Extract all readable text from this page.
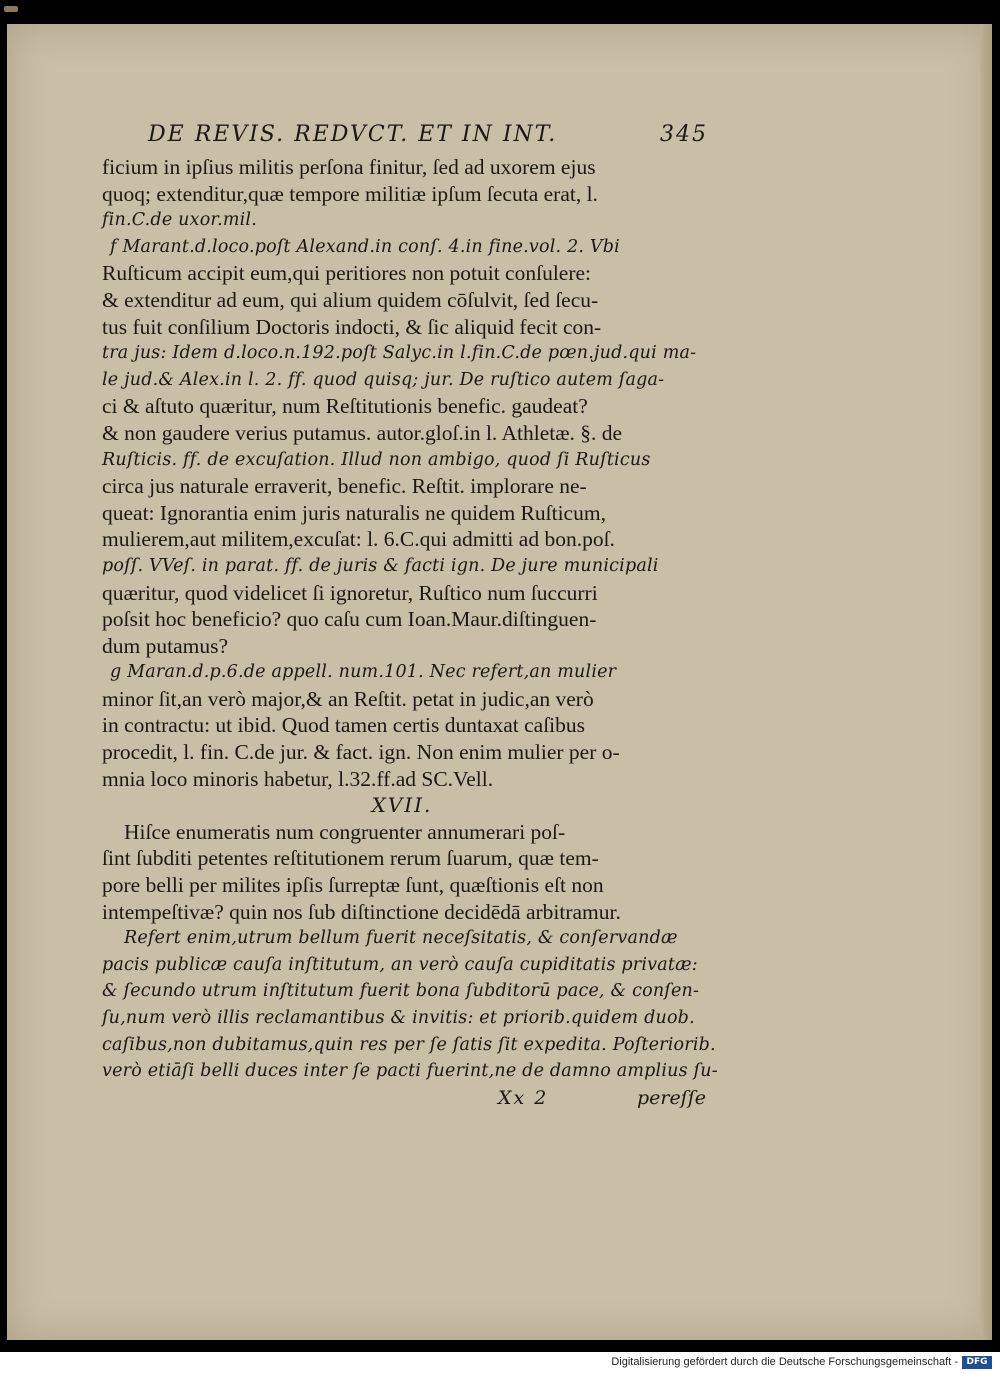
DE REVIS. REDVCT. ET IN INT.	345
ficium in ipſius militis perſona finitur, ſed ad uxorem ejus
quoq; extenditur,quæ tempore militiæ ipſum ſecuta erat, l.
fin.C.de uxor.mil.
f Marant.d.loco.poſt Alexand.in conſ. 4.in fine.vol. 2. Vbi
Ruſticum accipit eum,qui peritiores non potuit conſulere:
& extenditur ad eum, qui alium quidem cōſulvit, ſed ſecu-
tus fuit conſilium Doctoris indocti, & ſic aliquid fecit con-
tra jus: Idem d.loco.n.192.poſt Salyc.in l.fin.C.de pœn.jud.qui ma-
le jud.& Alex.in l. 2. ff. quod quisq; jur. De ruſtico autem ſaga-
ci & aſtuto quæritur, num Reſtitutionis benefic. gaudeat?
& non gaudere verius putamus. autor.gloſ.in l. Athletæ. §. de
Ruſticis. ff. de excuſation. Illud non ambigo, quod ſi Ruſticus
circa jus naturale erraverit, benefic. Reſtit. implorare ne-
queat: Ignorantia enim juris naturalis ne quidem Ruſticum,
mulierem,aut militem,excuſat: l. 6.C.qui admitti ad bon.poſ.
poſſ. VVeſ. in parat. ff. de juris & facti ign. De jure municipali
quæritur, quod videlicet ſi ignoretur, Ruſtico num ſuccurri
poſsit hoc beneficio? quo caſu cum Ioan.Maur.diſtinguen-
dum putamus?
g Maran.d.p.6.de appell. num.101. Nec refert,an mulier
minor ſit,an verò major,& an Reſtit. petat in judic,an verò
in contractu: ut ibid. Quod tamen certis duntaxat caſibus
procedit, l. fin. C.de jur. & fact. ign. Non enim mulier per o-
mnia loco minoris habetur, l.32.ff.ad SC.Vell.
XVII.
Hiſce enumeratis num congruenter annumerari poſ-
ſint ſubditi petentes reſtitutionem rerum ſuarum, quæ tem-
pore belli per milites ipſis ſurreptæ ſunt, quæſtionis eſt non
intempeſtivæ? quin nos ſub diſtinctione decidēdā arbitramur.
Refert enim,utrum bellum fuerit neceſsitatis, & conſervandæ
pacis publicæ cauſa inſtitutum, an verò cauſa cupiditatis privatæ:
& ſecundo utrum inſtitutum fuerit bona ſubditorū pace, & conſen-
ſu,num verò illis reclamantibus & invitis: et priorib.quidem duob.
caſibus,non dubitamus,quin res per ſe ſatis ſit expedita. Poſteriorib.
verò etiāſi belli duces inter ſe pacti fuerint,ne de damno amplius ſu-
Xx 2	pereſſe
Digitalisierung gefördert durch die Deutsche Forschungsgemeinschaft - DFG
